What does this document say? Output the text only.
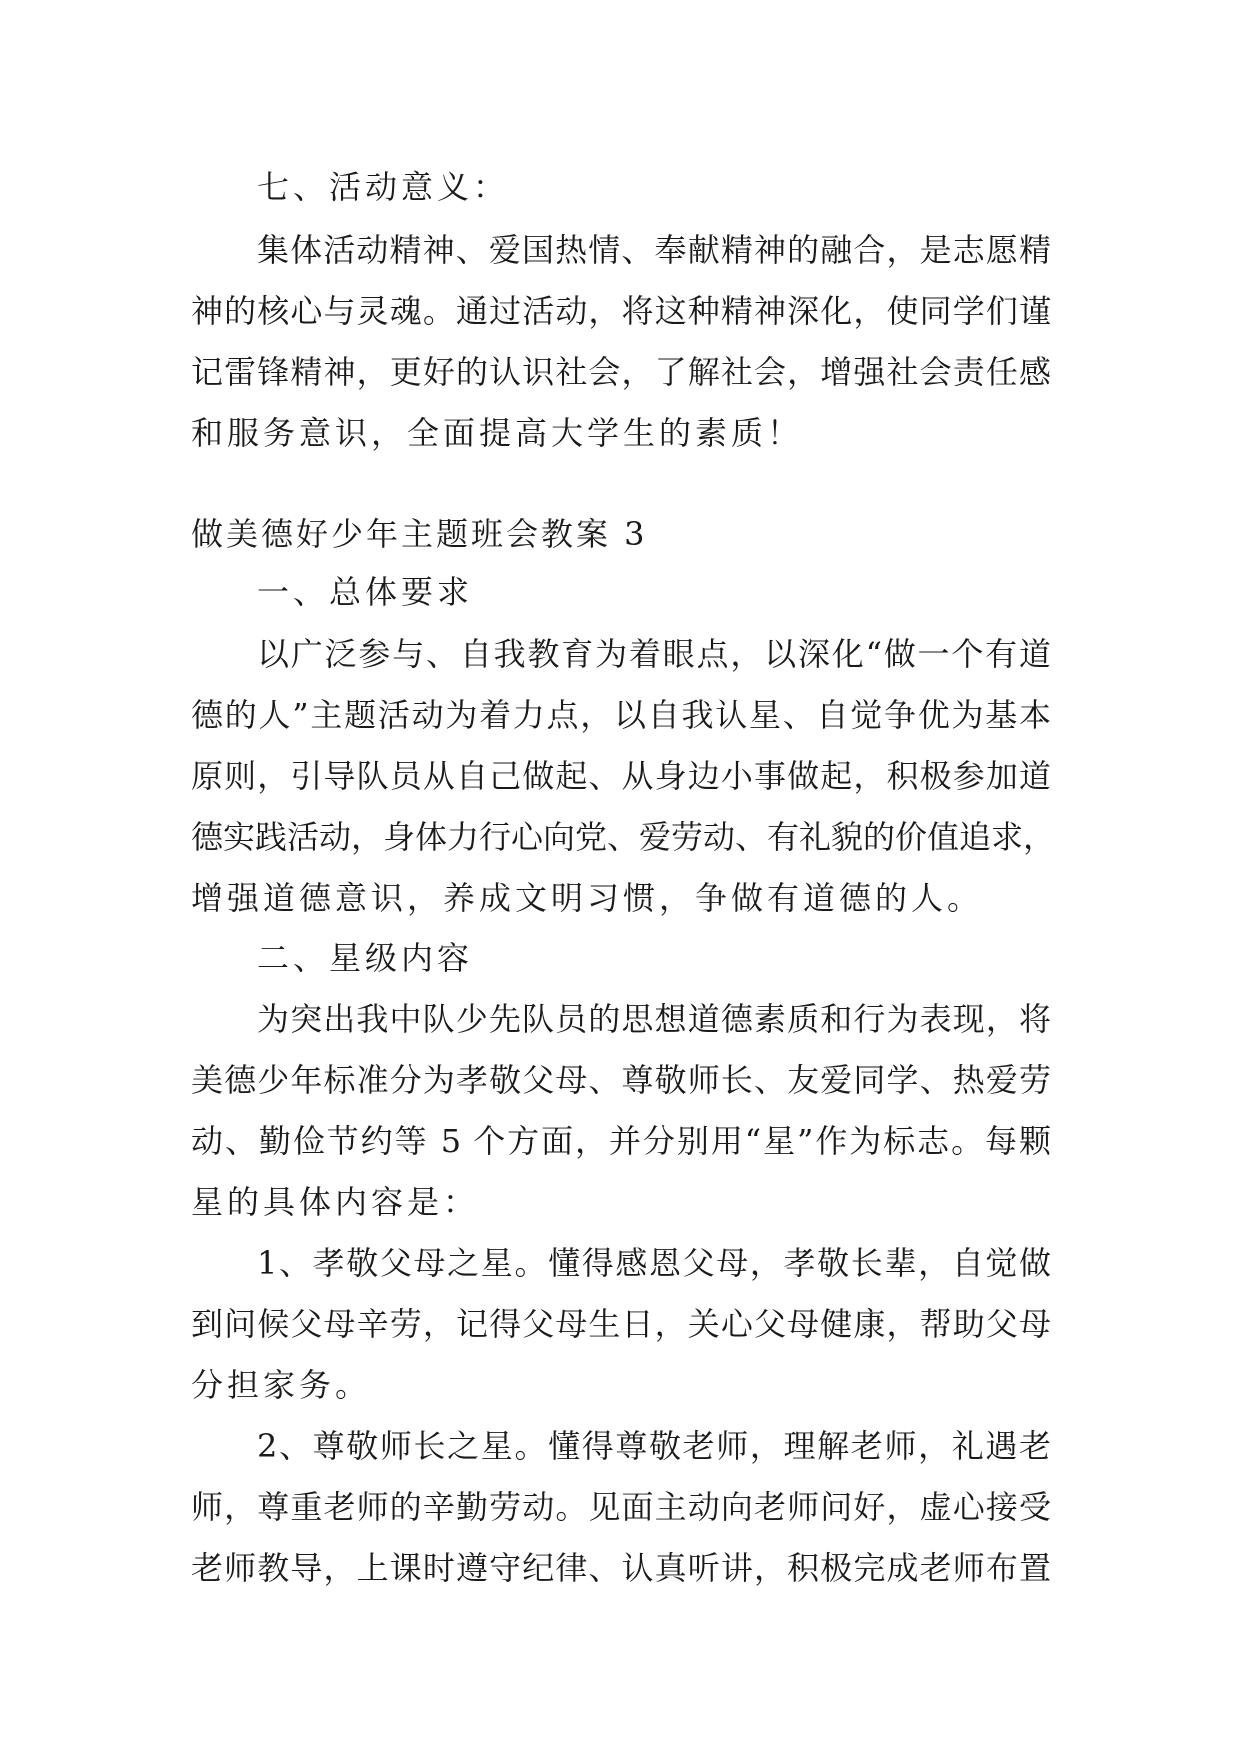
七、活动意义：
集体活动精神、爱国热情、奉献精神的融合，是志愿精
神的核心与灵魂。通过活动，将这种精神深化，使同学们谨
记雷锋精神，更好的认识社会，了解社会，增强社会责任感
和服务意识，全面提高大学生的素质！
做美德好少年主题班会教案 3
一、总体要求
以广泛参与、自我教育为着眼点，以深化“做一个有道
德的人”主题活动为着力点，以自我认星、自觉争优为基本
原则，引导队员从自己做起、从身边小事做起，积极参加道
德实践活动，身体力行心向党、爱劳动、有礼貌的价值追求，
增强道德意识，养成文明习惯，争做有道德的人。
二、星级内容
为突出我中队少先队员的思想道德素质和行为表现，将
美德少年标准分为孝敬父母、尊敬师长、友爱同学、热爱劳
动、勤俭节约等 5 个方面，并分别用“星”作为标志。每颗
星的具体内容是：
1、孝敬父母之星。懂得感恩父母，孝敬长辈，自觉做
到问候父母辛劳，记得父母生日，关心父母健康，帮助父母
分担家务。
2、尊敬师长之星。懂得尊敬老师，理解老师，礼遇老
师，尊重老师的辛勤劳动。见面主动向老师问好，虚心接受
老师教导，上课时遵守纪律、认真听讲，积极完成老师布置
